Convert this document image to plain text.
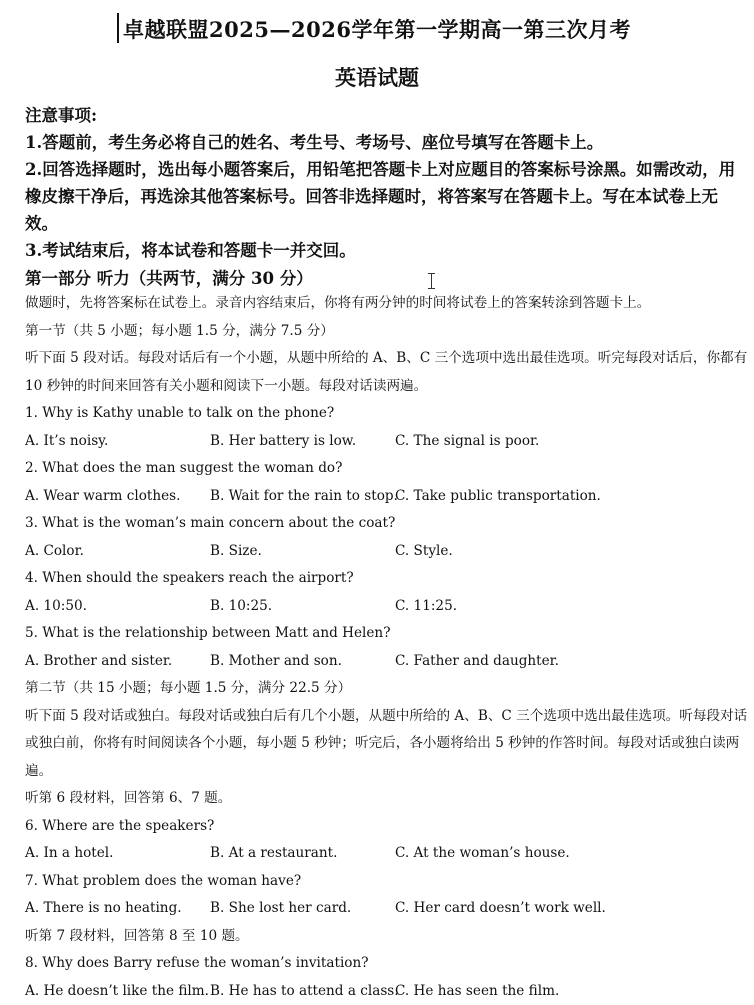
卓越联盟2025—2026学年第一学期高一第三次月考
英语试题
注意事项:
1.答题前，考生务必将自己的姓名、考生号、考场号、座位号填写在答题卡上。
2.回答选择题时，选出每小题答案后，用铅笔把答题卡上对应题目的答案标号涂黑。如需改动，用橡皮擦干净后，再选涂其他答案标号。回答非选择题时，将答案写在答题卡上。写在本试卷上无效。
3.考试结束后，将本试卷和答题卡一并交回。
第一部分 听力（共两节，满分 30 分）
做题时，先将答案标在试卷上。录音内容结束后，你将有两分钟的时间将试卷上的答案转涂到答题卡上。
第一节（共 5 小题；每小题 1.5 分，满分 7.5 分）
听下面 5 段对话。每段对话后有一个小题，从题中所给的 A、B、C 三个选项中选出最佳选项。听完每段对话后，你都有 10 秒钟的时间来回答有关小题和阅读下一小题。每段对话读两遍。
1. Why is Kathy unable to talk on the phone?
A. It’s noisy.	B. Her battery is low.	C. The signal is poor.
2. What does the man suggest the woman do?
A. Wear warm clothes. B. Wait for the rain to stop.
C. Take public transportation.
3. What is the woman’s main concern about the coat?
A. Color.	B. Size.	C. Style.
4. When should the speakers reach the airport?
A. 10:50.	B. 10:25.	C. 11:25.
5. What is the relationship between Matt and Helen?
A. Brother and sister.	B. Mother and son.	C. Father and daughter.
第二节（共 15 小题；每小题 1.5 分，满分 22.5 分）
听下面 5 段对话或独白。每段对话或独白后有几个小题，从题中所给的 A、B、C 三个选项中选出最佳选项。听每段对话或独白前，你将有时间阅读各个小题，每小题 5 秒钟；听完后，各小题将给出 5 秒钟的作答时间。每段对话或独白读两遍。
听第 6 段材料，回答第 6、7 题。
6. Where are the speakers?
A. In a hotel.	B. At a restaurant.	C. At the woman’s house.
7. What problem does the woman have?
A. There is no heating. B. She lost her card.	C. Her card doesn’t work well.
听第 7 段材料，回答第 8 至 10 题。
8. Why does Barry refuse the woman’s invitation?
A. He doesn’t like the film. B. He has to attend a class.
C. He has seen the film.
